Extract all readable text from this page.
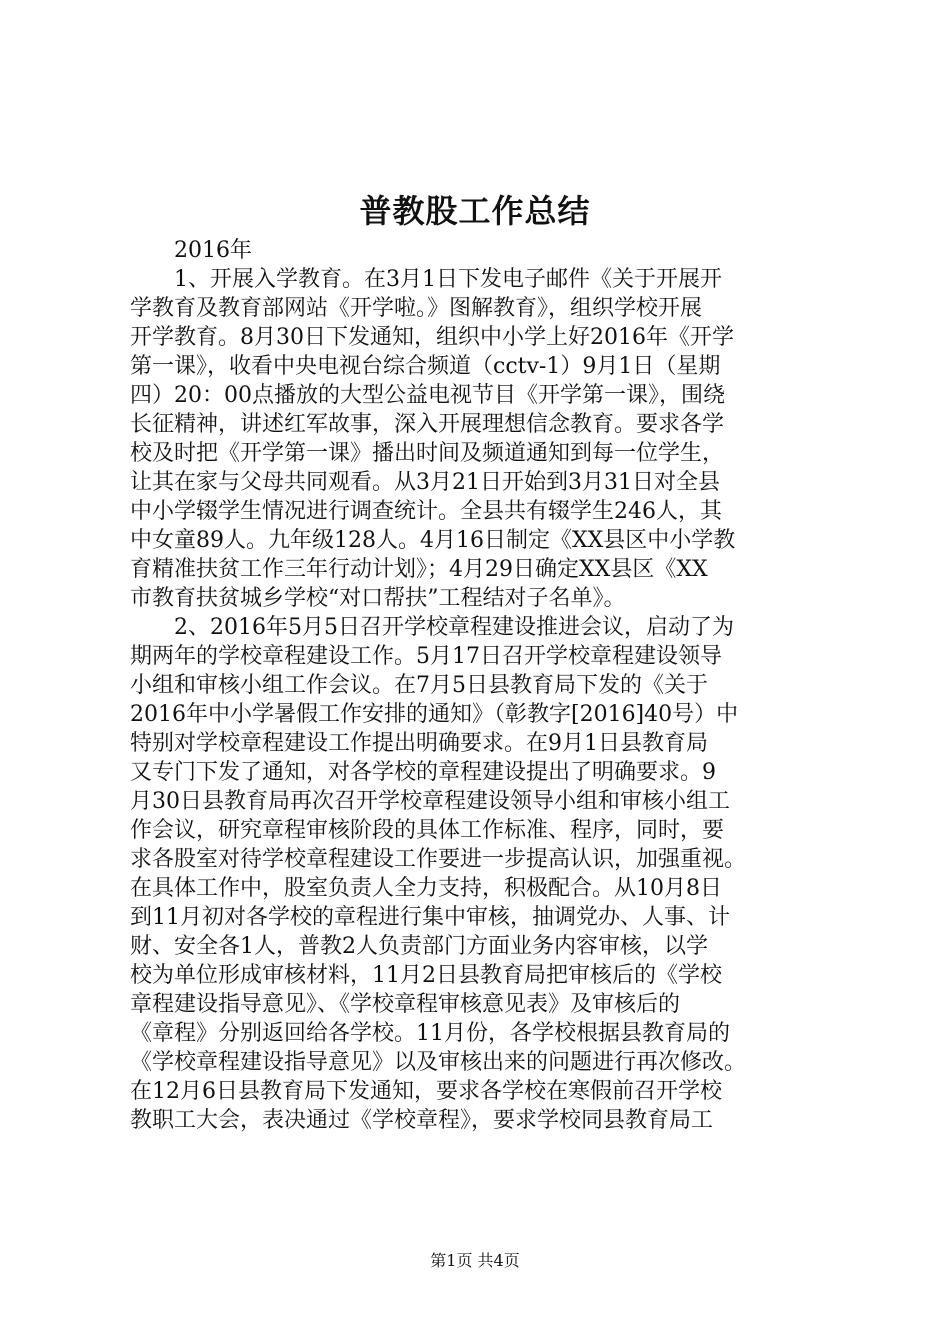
普教股工作总结
2016年
1、开展入学教育。在3月1日下发电子邮件《关于开展开
学教育及教育部网站《开学啦。》图解教育》，组织学校开展
开学教育。8月30日下发通知，组织中小学上好2016年《开学
第一课》，收看中央电视台综合频道（cctv-1）9月1日（星期
四）20：00点播放的大型公益电视节目《开学第一课》，围绕
长征精神，讲述红军故事，深入开展理想信念教育。要求各学
校及时把《开学第一课》播出时间及频道通知到每一位学生，
让其在家与父母共同观看。从3月21日开始到3月31日对全县
中小学辍学生情况进行调查统计。全县共有辍学生246人，其
中女童89人。九年级128人。4月16日制定《XX县区中小学教
育精准扶贫工作三年行动计划》；4月29日确定XX县区《XX
市教育扶贫城乡学校“对口帮扶”工程结对子名单》。
2、2016年5月5日召开学校章程建设推进会议，启动了为
期两年的学校章程建设工作。5月17日召开学校章程建设领导
小组和审核小组工作会议。在7月5日县教育局下发的《关于
2016年中小学暑假工作安排的通知》（彰教字[2016]40号）中
特别对学校章程建设工作提出明确要求。在9月1日县教育局
又专门下发了通知，对各学校的章程建设提出了明确要求。9
月30日县教育局再次召开学校章程建设领导小组和审核小组工
作会议，研究章程审核阶段的具体工作标准、程序，同时，要
求各股室对待学校章程建设工作要进一步提高认识，加强重视。
在具体工作中，股室负责人全力支持，积极配合。从10月8日
到11月初对各学校的章程进行集中审核，抽调党办、人事、计
财、安全各1人，普教2人负责部门方面业务内容审核，以学
校为单位形成审核材料，11月2日县教育局把审核后的《学校
章程建设指导意见》、《学校章程审核意见表》及审核后的
《章程》分别返回给各学校。11月份，各学校根据县教育局的
《学校章程建设指导意见》以及审核出来的问题进行再次修改。
在12月6日县教育局下发通知，要求各学校在寒假前召开学校
教职工大会，表决通过《学校章程》，要求学校同县教育局工
第1页 共4页
